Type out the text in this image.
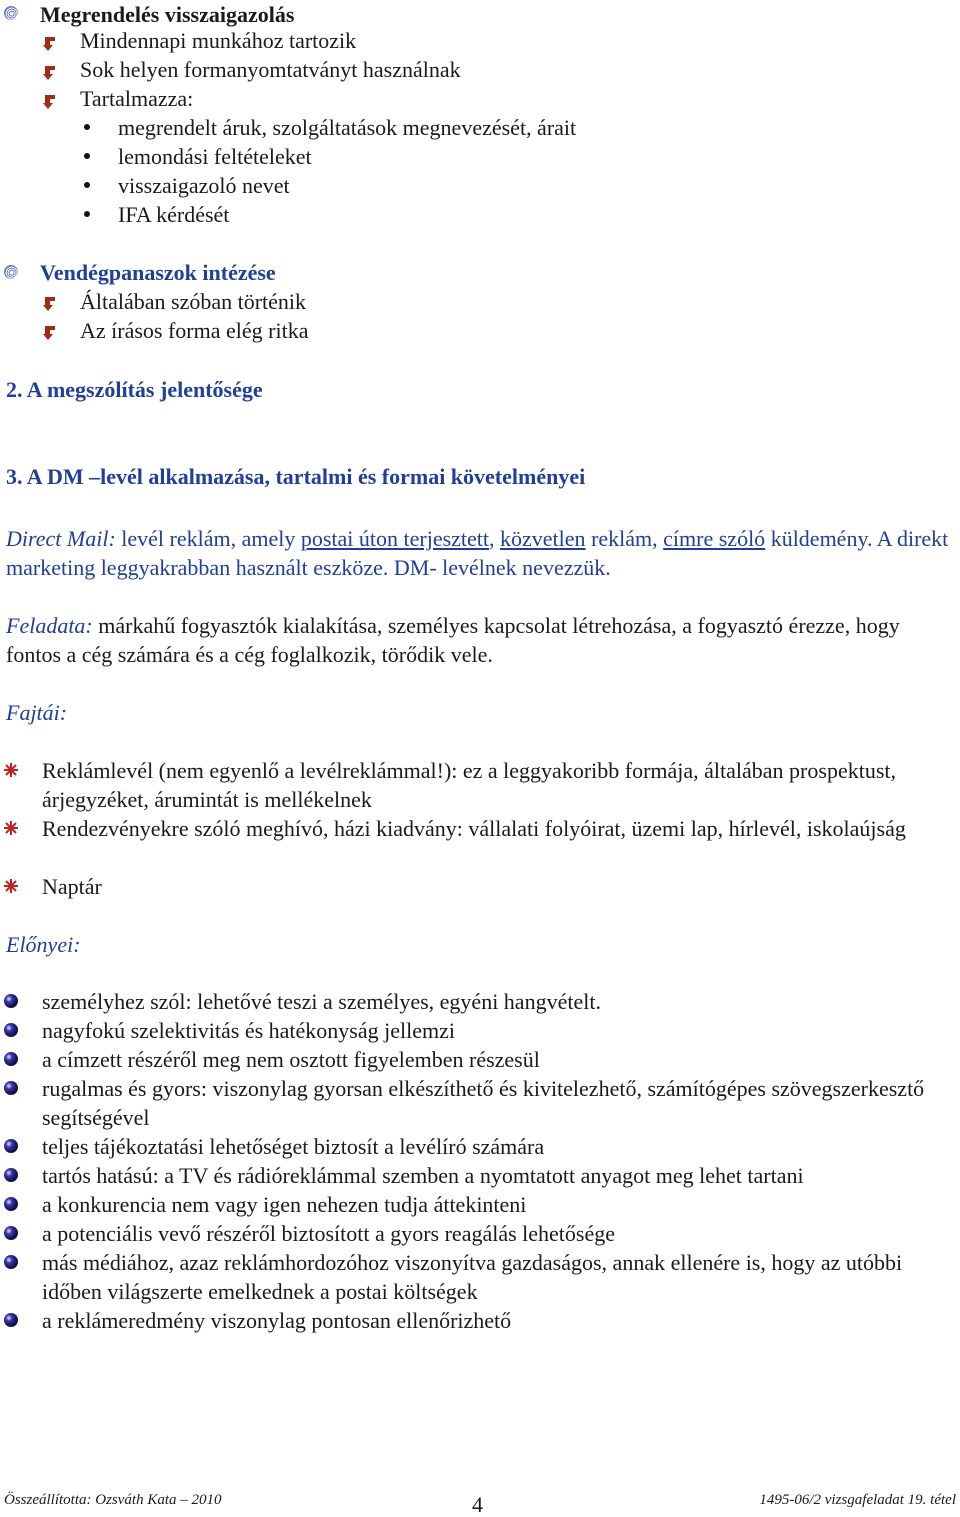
Megrendelés visszaigazolás
Mindennapi munkához tartozik
Sok helyen formanyomtatványt használnak
Tartalmazza:
megrendelt áruk, szolgáltatások megnevezését, árait
lemondási feltételeket
visszaigazoló nevet
IFA kérdését
Vendégpanaszok intézése
Általában szóban történik
Az írásos forma elég ritka
2. A megszólítás jelentősége
3. A DM –levél alkalmazása, tartalmi és formai követelményei
Direct Mail: levél reklám, amely postai úton terjesztett, közvetlen reklám, címre szóló küldemény. A direkt marketing leggyakrabban használt eszköze. DM- levélnek nevezzük.
Feladata: márkahű fogyasztók kialakítása, személyes kapcsolat létrehozása, a fogyasztó érezze, hogy fontos a cég számára és a cég foglalkozik, törődik vele.
Fajtái:
Reklámlevél (nem egyenlő a levélreklámmal!): ez a leggyakoribb formája, általában prospektust, árjegyzéket, árumintát is mellékelnek
Rendezvényekre szóló meghívó, házi kiadvány: vállalati folyóirat, üzemi lap, hírlevél, iskolaújság
Naptár
Előnyei:
személyhez szól: lehetővé teszi a személyes, egyéni hangvételt.
nagyfokú szelektivitás és hatékonyság jellemzi
a címzett részéről meg nem osztott figyelemben részesül
rugalmas és gyors: viszonylag gyorsan elkészíthető és kivitelezhető, számítógépes szövegszerkesztő segítségével
teljes tájékoztatási lehetőséget biztosít a levélíró számára
tartós hatású: a TV és rádióreklámmal szemben a nyomtatott anyagot meg lehet tartani
a konkurencia nem vagy igen nehezen tudja áttekinteni
a potenciális vevő részéről biztosított a gyors reagálás lehetősége
más médiához, azaz reklámhordozóhoz viszonyítva gazdaságos, annak ellenére is, hogy az utóbbi időben világszerte emelkednek a postai költségek
a reklámeredmény viszonylag pontosan ellenőrizhető
Összeállította: Ozsváth Kata – 2010	4	1495-06/2 vizsgafeladat 19. tétel
